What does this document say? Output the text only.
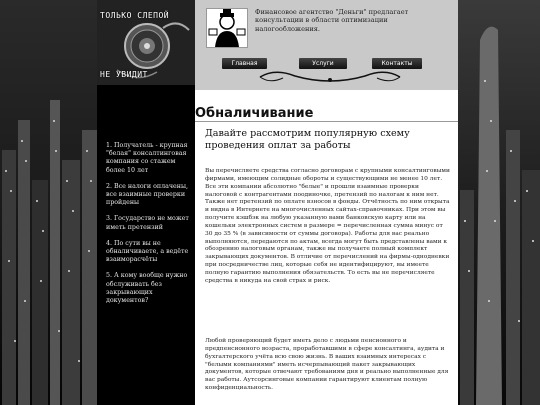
ТОЛЬКО СЛЕПОЙ
НЕ УВИДИТ
1. Получатель - крупная "белая" консалтинговая компания со стажем более 10 лет
2. Все налоги оплачены, все взаимные проверки пройдены
3. Государство не может иметь претензий
4. По сути вы не обналичиваете, а ведёте взаиморасчёты
5. А кому вообще нужно обслуживать без закрывающих документов?
Финансовое агентство "Деньги" предлагает консультации в области оптимизации налогообложения.
Главная	Услуги	Контакты
Обналичивание
Давайте рассмотрим популярную схему проведения оплат за работы
Вы перечисляете средства согласно договорам с крупными консалтинговыми фирмами, имеющим солидные обороты и существующими не менее 10 лет. Все эти компании абсолютно "белые" и прошли взаимные проверки налоговой с контрагентами поодиночке, претензий по налогам к ним нет. Также нет претензий по оплате взносов в фонды. Отчётность по ним открыта и видна в Интернете на многочисленных сайтах-справочниках. При этом вы получите кэшбэк на любую указанную вами банковскую карту или на кошельки электронных систем в размере = перечисленная сумма минус от 30 до 35 % (в зависимости от суммы договора). Работы для вас реально выполняются, передаются по актам, всегда могут быть представлены вами к обозрению налоговым органам, также вы получаете полный комплект закрывающих документов. В отличие от перечислений на фирмы-однодневки при посредничестве лиц, которые себя не идентифицируют, вы имеете полную гарантию выполнения обязательств. То есть вы не перечисляете средства в никуда на свой страх и риск.
Любой проверяющий будет иметь дело с людьми пенсионного и предпенсионного возраста, проработавшими в сфере консалтинга, аудита и бухгалтерского учёта всю свою жизнь. В ваших взаимных интересах с "белыми компаниями" иметь исчерпывающий пакет закрывающих документов, которые отвечают требованиям дня и реально выполненные для вас работы. Аутсорсинговые компании гарантируют клиентам полную конфиденциальность.
